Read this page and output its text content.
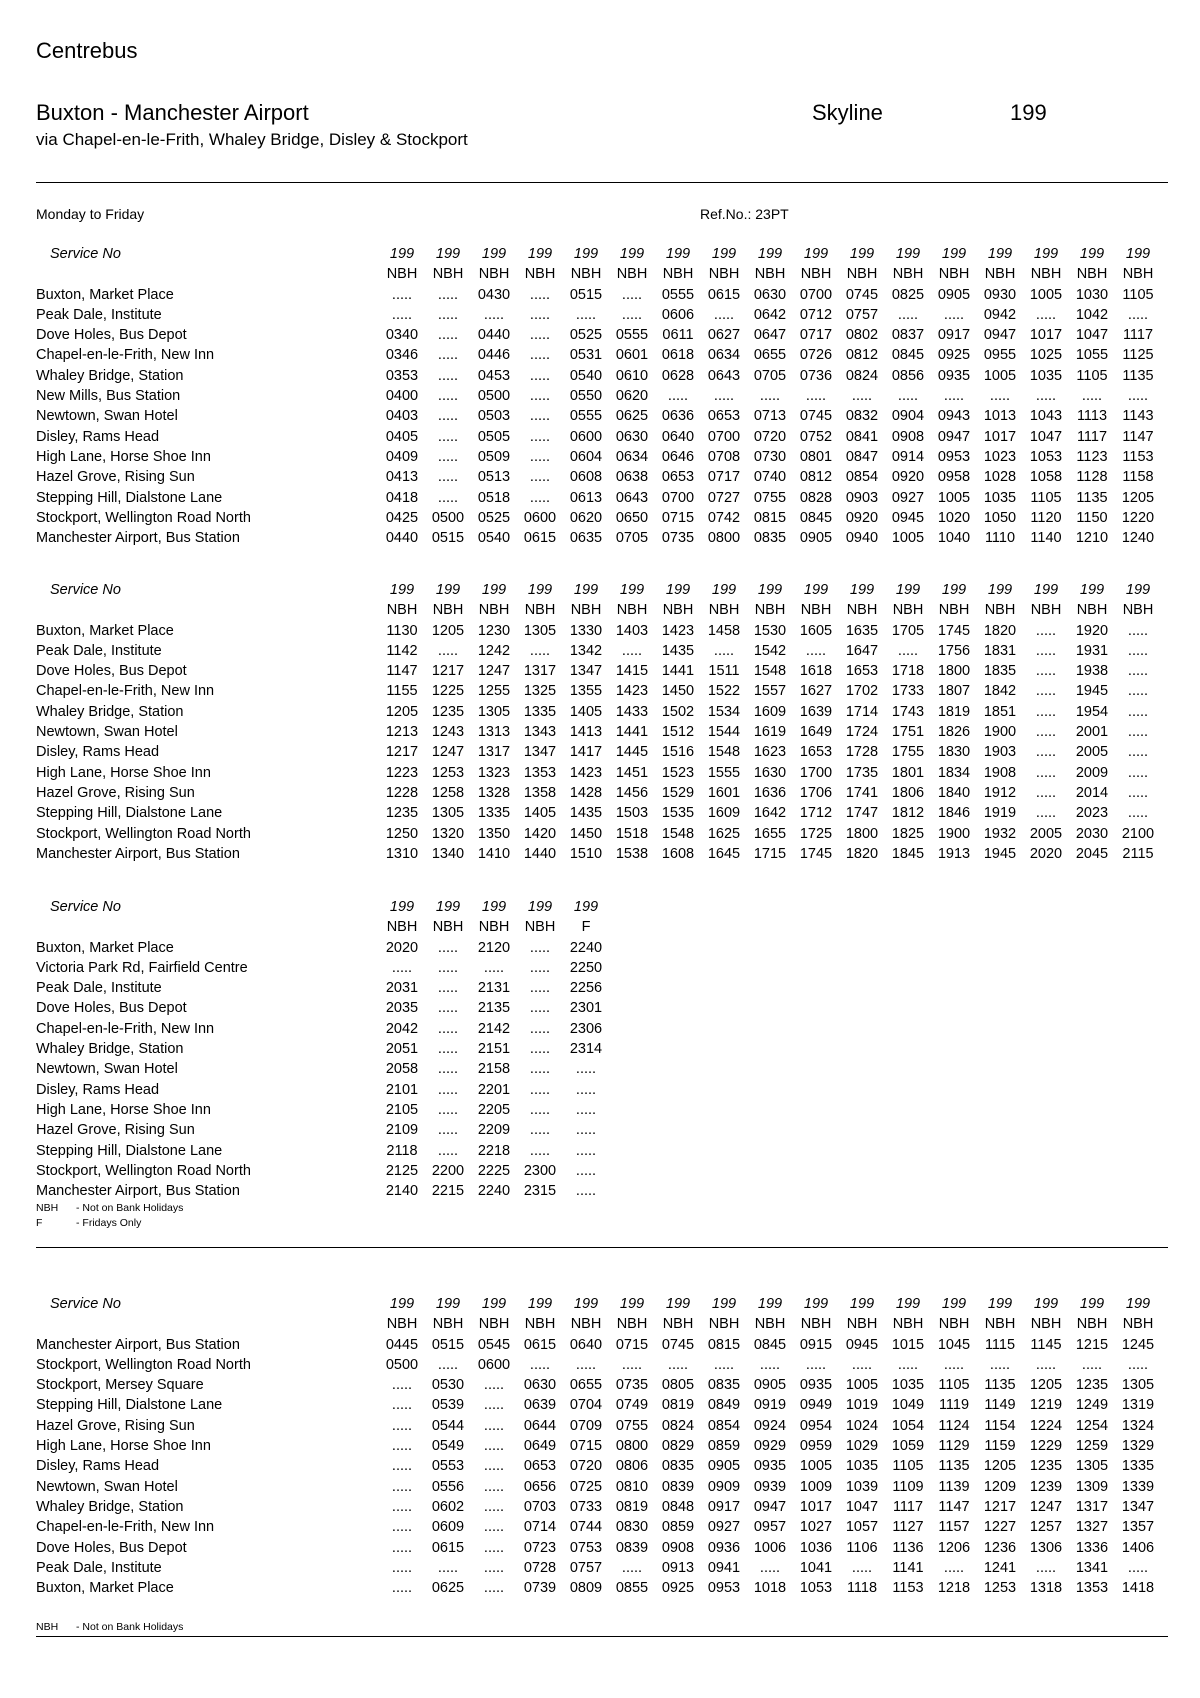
Centrebus
Buxton - Manchester Airport	Skyline	199
via Chapel-en-le-Frith, Whaley Bridge, Disley & Stockport
Monday to Friday	Ref.No.: 23PT
Service No	199	199	199	199	199	199	199	199	199	199	199	199	199	199	199	199	199
NBH	NBH	NBH	NBH	NBH	NBH	NBH	NBH	NBH	NBH	NBH	NBH	NBH	NBH	NBH	NBH	NBH
Buxton, Market Place	.....	.....	0430	.....	0515	.....	0555 0615 0630 0700 0745 0825 0905 0930 1005 1030 1105
Peak Dale, Institute	.....	.....	.....	.....	.....	.....	0606	.....	0642 0712 0757	.....	.....	0942	.....	1042	.....
Dove Holes, Bus Depot	0340	.....	0440	.....	0525 0555 0611 0627 0647 0717 0802 0837 0917 0947 1017 1047	1117
Chapel-en-le-Frith, New Inn	0346	.....	0446	.....	0531 0601 0618 0634 0655 0726 0812 0845 0925 0955 1025 1055 1125
Whaley Bridge, Station	0353	.....	0453	.....	0540 0610 0628 0643 0705 0736 0824 0856 0935 1005 1035 1105	1135
New Mills, Bus Station	0400	.....	0500	.....	0550 0620	.....	.....	.....	.....	.....	.....	.....	.....	.....	.....	.....
Newtown, Swan Hotel	0403	.....	0503	.....	0555 0625 0636 0653 0713 0745 0832 0904 0943 1013 1043	1113	1143
Disley, Rams Head	0405	.....	0505	.....	0600 0630 0640 0700 0720 0752 0841 0908 0947 1017 1047	1117	1147
High Lane, Horse Shoe Inn	0409	.....	0509	.....	0604 0634 0646 0708 0730 0801 0847 0914 0953 1023 1053 1123	1153
Hazel Grove, Rising Sun	0413	.....	0513	.....	0608 0638 0653 0717 0740 0812 0854 0920 0958 1028 1058 1128	1158
Stepping Hill, Dialstone Lane	0418	.....	0518	.....	0613 0643 0700 0727 0755 0828 0903 0927 1005 1035 1105	1135 1205
Stockport, Wellington Road North	0425 0500 0525 0600 0620 0650 0715 0742 0815 0845 0920 0945 1020 1050 1120	1150 1220
Manchester Airport, Bus Station	0440 0515 0540 0615 0635 0705 0735 0800 0835 0905 0940 1005 1040	1110	1140 1210 1240
Service No	199	199	199	199	199	199	199	199	199	199	199	199	199	199	199	199	199
NBH	NBH	NBH	NBH	NBH	NBH	NBH	NBH	NBH	NBH	NBH	NBH	NBH	NBH	NBH	NBH	NBH
Buxton, Market Place	1130 1205 1230 1305 1330 1403 1423 1458 1530 1605 1635 1705 1745 1820	.....	1920	.....
Peak Dale, Institute	1142	.....	1242	.....	1342	.....	1435	.....	1542	.....	1647	.....	1756 1831	.....	1931	.....
Dove Holes, Bus Depot	1147 1217 1247 1317 1347 1415 1441 1511 1548 1618 1653 1718 1800 1835	.....	1938	.....
Chapel-en-le-Frith, New Inn	1155 1225 1255 1325 1355 1423 1450 1522 1557 1627 1702 1733 1807 1842	.....	1945	.....
Whaley Bridge, Station	1205 1235 1305 1335 1405 1433 1502 1534 1609 1639 1714 1743 1819 1851	.....	1954	.....
Newtown, Swan Hotel	1213 1243 1313 1343 1413 1441 1512 1544 1619 1649 1724 1751 1826 1900	.....	2001	.....
Disley, Rams Head	1217 1247 1317 1347 1417 1445 1516 1548 1623 1653 1728 1755 1830 1903	.....	2005	.....
High Lane, Horse Shoe Inn	1223 1253 1323 1353 1423 1451 1523 1555 1630 1700 1735 1801 1834 1908	.....	2009	.....
Hazel Grove, Rising Sun	1228 1258 1328 1358 1428 1456 1529 1601 1636 1706 1741 1806 1840 1912	.....	2014	.....
Stepping Hill, Dialstone Lane	1235 1305 1335 1405 1435 1503 1535 1609 1642 1712 1747 1812 1846 1919	.....	2023	.....
Stockport, Wellington Road North	1250 1320 1350 1420 1450 1518 1548 1625 1655 1725 1800 1825 1900 1932 2005 2030 2100
Manchester Airport, Bus Station	1310 1340 1410 1440 1510 1538 1608 1645 1715 1745 1820 1845 1913 1945 2020 2045 2115
Service No	199	199	199	199	199
NBH	NBH	NBH	NBH	F
Buxton, Market Place	2020	.....	2120	.....	2240
Victoria Park Rd, Fairfield Centre	.....	.....	.....	.....	2250
Peak Dale, Institute	2031	.....	2131	.....	2256
Dove Holes, Bus Depot	2035	.....	2135	.....	2301
Chapel-en-le-Frith, New Inn	2042	.....	2142	.....	2306
Whaley Bridge, Station	2051	.....	2151	.....	2314
Newtown, Swan Hotel	2058	.....	2158	.....	.....
Disley, Rams Head	2101	.....	2201	.....	.....
High Lane, Horse Shoe Inn	2105	.....	2205	.....	.....
Hazel Grove, Rising Sun	2109	.....	2209	.....	.....
Stepping Hill, Dialstone Lane	2118	.....	2218	.....	.....
Stockport, Wellington Road North	2125 2200 2225 2300	.....
Manchester Airport, Bus Station	2140 2215 2240 2315	.....
NBH - Not on Bank Holidays
F	- Fridays Only
Service No	199	199	199	199	199	199	199	199	199	199	199	199	199	199	199	199	199
NBH	NBH	NBH	NBH	NBH	NBH	NBH	NBH	NBH	NBH	NBH	NBH	NBH	NBH	NBH	NBH	NBH
Manchester Airport, Bus Station	0445 0515 0545 0615 0640 0715 0745 0815 0845 0915 0945 1015 1045	1115	1145 1215 1245
Stockport, Wellington Road North	0500	.....	0600	.....	.....	.....	.....	.....	.....	.....	.....	.....	.....	.....	.....	.....	.....
Stockport, Mersey Square	.....	0530	.....	0630 0655 0735 0805 0835 0905 0935 1005 1035 1105	1135 1205 1235 1305
Stepping Hill, Dialstone Lane	.....	0539	.....	0639 0704 0749 0819 0849 0919 0949 1019 1049	1119	1149 1219 1249 1319
Hazel Grove, Rising Sun	.....	0544	.....	0644 0709 0755 0824 0854 0924 0954 1024 1054 1124	1154 1224 1254 1324
High Lane, Horse Shoe Inn	.....	0549	.....	0649 0715 0800 0829 0859 0929 0959 1029 1059 1129	1159 1229 1259 1329
Disley, Rams Head	.....	0553	.....	0653 0720 0806 0835 0905 0935 1005 1035 1105	1135 1205 1235 1305 1335
Newtown, Swan Hotel	.....	0556	.....	0656 0725 0810 0839 0909 0939 1009 1039 1109	1139 1209 1239 1309 1339
Whaley Bridge, Station	.....	0602	.....	0703 0733 0819 0848 0917 0947 1017 1047	1117	1147 1217 1247 1317 1347
Chapel-en-le-Frith, New Inn	.....	0609	.....	0714 0744 0830 0859 0927 0957 1027 1057 1127	1157 1227 1257 1327 1357
Dove Holes, Bus Depot	.....	0615	.....	0723 0753 0839 0908 0936 1006 1036 1106	1136 1206 1236 1306 1336 1406
Peak Dale, Institute	.....	.....	.....	0728 0757	.....	0913 0941	.....	1041	.....	1141	.....	1241	.....	1341	.....
Buxton, Market Place	.....	0625	.....	0739 0809 0855 0925 0953 1018 1053	1118	1153 1218 1253 1318 1353 1418
NBH - Not on Bank Holidays
